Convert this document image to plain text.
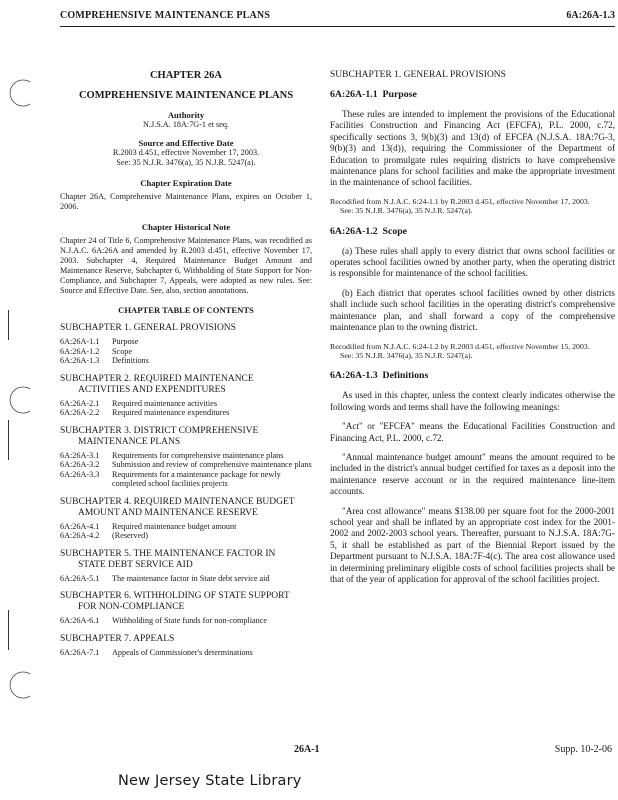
COMPREHENSIVE MAINTENANCE PLANS	6A:26A-1.3
CHAPTER 26A
COMPREHENSIVE MAINTENANCE PLANS
Authority
N.J.S.A. 18A:7G-1 et seq.
Source and Effective Date
R.2003 d.451, effective November 17, 2003.
See: 35 N.J.R. 3476(a), 35 N.J.R. 5247(a).
Chapter Expiration Date
Chapter 26A, Comprehensive Maintenance Plans, expires on October 1, 2006.
Chapter Historical Note
Chapter 24 of Title 6, Comprehensive Maintenance Plans, was recodified as N.J.A.C. 6A:26A and amended by R.2003 d.451, effective November 17, 2003. Subchapter 4, Required Maintenance Budget Amount and Maintenance Reserve, Subchapter 6, Withholding of State Support for Non-Compliance, and Subchapter 7, Appeals, were adopted as new rules. See: Source and Effective Date. See, also, section annotations.
CHAPTER TABLE OF CONTENTS
SUBCHAPTER 1. GENERAL PROVISIONS
6A:26A-1.1	Purpose
6A:26A-1.2	Scope
6A:26A-1.3	Definitions
SUBCHAPTER 2. REQUIRED MAINTENANCE
ACTIVITIES AND EXPENDITURES
6A:26A-2.1	Required maintenance activities
6A:26A-2.2	Required maintenance expenditures
SUBCHAPTER 3. DISTRICT COMPREHENSIVE
MAINTENANCE PLANS
6A:26A-3.1	Requirements for comprehensive maintenance plans
6A:26A-3.2	Submission and review of comprehensive maintenance plans
6A:26A-3.3	Requirements for a maintenance package for newly completed school facilities projects
SUBCHAPTER 4. REQUIRED MAINTENANCE BUDGET
AMOUNT AND MAINTENANCE RESERVE
6A:26A-4.1	Required maintenance budget amount
6A:26A-4.2	(Reserved)
SUBCHAPTER 5. THE MAINTENANCE FACTOR IN
STATE DEBT SERVICE AID
6A:26A-5.1	The maintenance factor in State debt service aid
SUBCHAPTER 6. WITHHOLDING OF STATE SUPPORT
FOR NON-COMPLIANCE
6A:26A-6.1	Withholding of State funds for non-compliance
SUBCHAPTER 7. APPEALS
6A:26A-7.1	Appeals of Commissioner's determinations
SUBCHAPTER 1. GENERAL PROVISIONS
6A:26A-1.1 Purpose

These rules are intended to implement the provisions of the Educational Facilities Construction and Financing Act (EFCFA), P.L. 2000, c.72, specifically sections 3, 9(b)(3) and 13(d) of EFCFA (N.J.S.A. 18A:7G-3, 9(b)(3) and 13(d)), requiring the Commissioner of the Department of Education to promulgate rules requiring districts to have comprehensive maintenance plans for school facilities and make the appropriate investment in the maintenance of school facilities.

Recodified from N.J.A.C. 6:24-1.1 by R.2003 d.451, effective November 17, 2003.
See: 35 N.J.R. 3476(a), 35 N.J.R. 5247(a).
6A:26A-1.2 Scope

(a) These rules shall apply to every district that owns school facilities or operates school facilities owned by another party, when the operating district is responsible for maintenance of the school facilities.

(b) Each district that operates school facilities owned by other districts shall include such school facilities in the operating district's comprehensive maintenance plan, and shall forward a copy of the comprehensive maintenance plan to the owning district.

Recodified from N.J.A.C. 6:24-1.2 by R.2003 d.451, effective November 15, 2003.
See: 35 N.J.R. 3476(a), 35 N.J.R. 5247(a).
6A:26A-1.3 Definitions

As used in this chapter, unless the context clearly indicates otherwise the following words and terms shall have the following meanings:

"Act" or "EFCFA" means the Educational Facilities Construction and Financing Act, P.L. 2000, c.72.

"Annual maintenance budget amount" means the amount required to be included in the district's annual budget certified for taxes as a deposit into the maintenance reserve account or in the required maintenance line-item accounts.

"Area cost allowance" means $138.00 per square foot for the 2000-2001 school year and shall be inflated by an appropriate cost index for the 2001-2002 and 2002-2003 school years. Thereafter, pursuant to N.J.S.A. 18A:7G-5, it shall be established as part of the Biennial Report issued by the Department pursuant to N.J.S.A. 18A:7F-4(c). The area cost allowance used in determining preliminary eligible costs of school facilities projects shall be that of the year of application for approval of the school facilities project.

26A-1	Supp. 10-2-06
New Jersey State Library
